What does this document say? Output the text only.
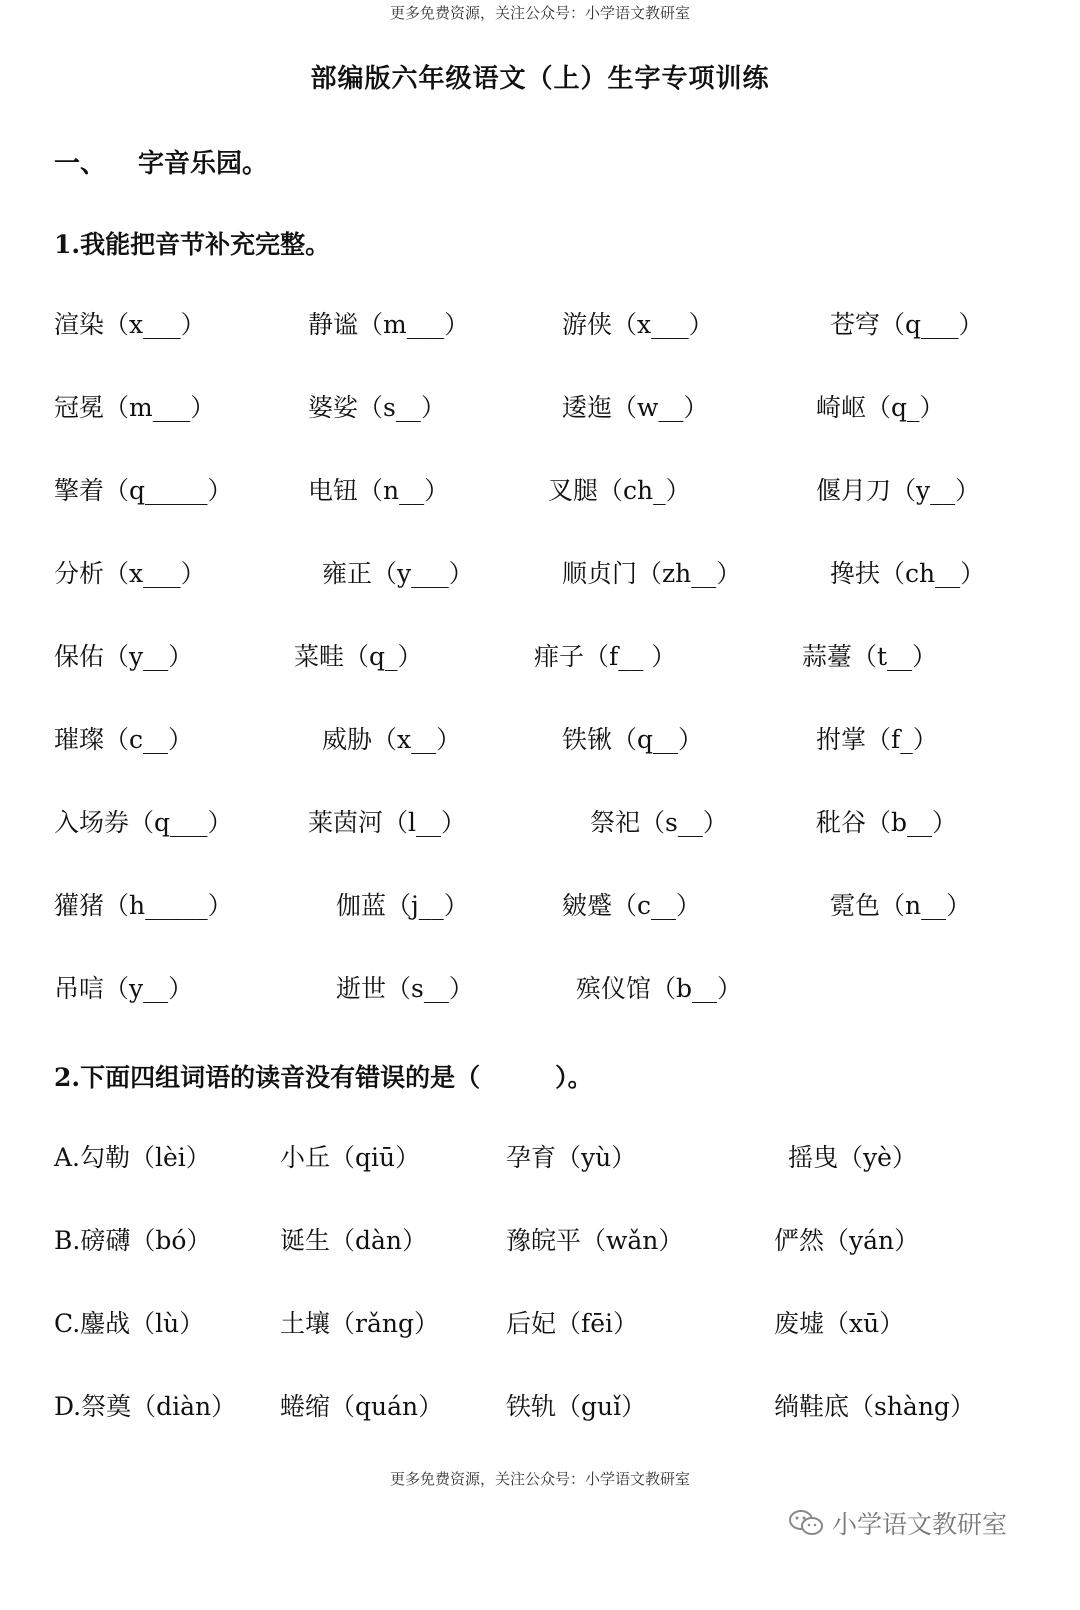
更多免费资源，关注公众号：小学语文教研室
部编版六年级语文（上）生字专项训练
一、 字音乐园。
1.我能把音节补充完整。
渲染（x___）	静谧（m___）	游侠（x___）	苍穹（q___）
冠冕（m___）	婆娑（s__）	逶迤（w__）	崎岖（q_）
擎着（q_____）	电钮（n__）	叉腿（ch_）	偃月刀（y__）
分析（x___）	雍正（y___）	顺贞门（zh__）	搀扶（ch__）
保佑（y__）	菜畦（q_）	痱子（f__ ）	蒜薹（t__）
璀璨（c__）	威胁（x__）	铁锹（q__）	拊掌（f_）
入场券（q___）	莱茵河（l__）	祭祀（s__）	秕谷（b__）
獾猪（h_____）	伽蓝（j__）	皴蹙（c__）	霓色（n__）
吊唁（y__）	逝世（s__）	殡仪馆（b__）
2.下面四组词语的读音没有错误的是（　　　）。
A.勾勒（lèi）	小丘（qiū）	孕育（yù）	摇曳（yè）
B.磅礴（bó）	诞生（dàn）	豫皖平（wǎn）	俨然（yán）
C.鏖战（lù）	土壤（rǎng）	后妃（fēi）	废墟（xū）
D.祭奠（diàn） 蜷缩（quán）	铁轨（guǐ）	绱鞋底（shàng）
更多免费资源，关注公众号：小学语文教研室
小学语文教研室
